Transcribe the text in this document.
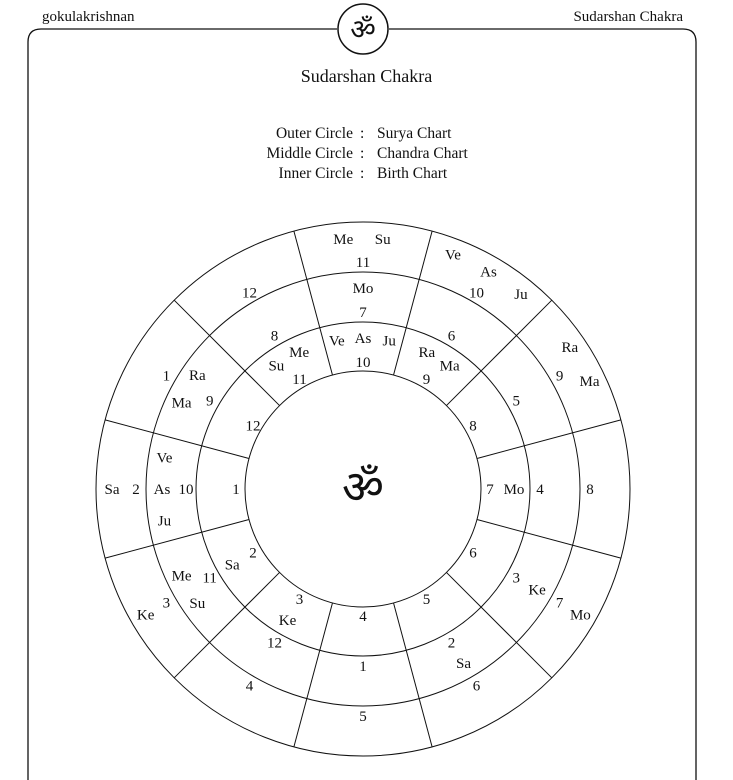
gokulakrishnan	Sudarshan Chakra
ॐ
Sudarshan Chakra
Outer Circle : Surya Chart
Middle Circle : Chandra Chart
Inner Circle : Birth Chart
11
Me Su
10
Ve
As
Ju
9
Ra
Ma
8
7
Mo
6
5
4
3
Ke
2
Sa
1
12
7
Mo
6
5
4
3
Ke
2
Sa
1
12
11
Su
Me
10
Ju
As
Ve
9
Ma
Ra
8
10
Ve As Ju
9
Ra
Ma
8
7 Mo
6
5
4
3
Ke
2
Sa
1
12
11
Su
Me
ॐ
